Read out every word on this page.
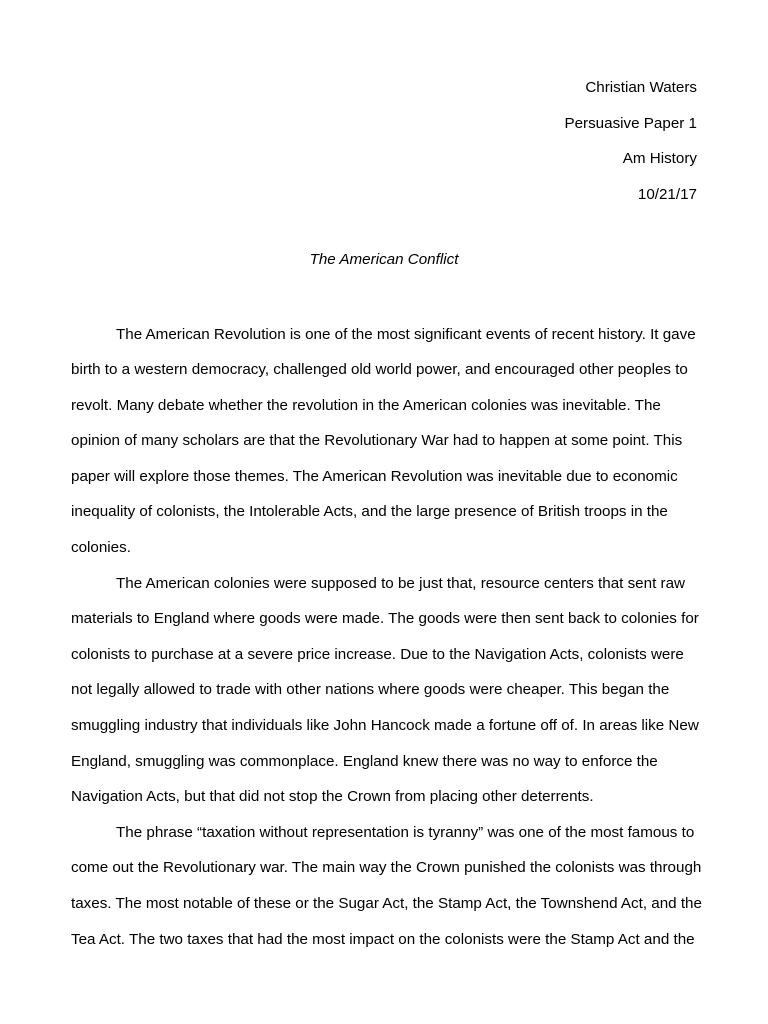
Christian Waters
Persuasive Paper 1
Am History
10/21/17
The American Conflict

The American Revolution is one of the most significant events of recent history. It gave
birth to a western democracy, challenged old world power, and encouraged other peoples to
revolt. Many debate whether the revolution in the American colonies was inevitable. The
opinion of many scholars are that the Revolutionary War had to happen at some point. This
paper will explore those themes. The American Revolution was inevitable due to economic
inequality of colonists, the Intolerable Acts, and the large presence of British troops in the
colonies.

The American colonies were supposed to be just that, resource centers that sent raw
materials to England where goods were made. The goods were then sent back to colonies for
colonists to purchase at a severe price increase. Due to the Navigation Acts, colonists were
not legally allowed to trade with other nations where goods were cheaper. This began the
smuggling industry that individuals like John Hancock made a fortune off of. In areas like New
England, smuggling was commonplace. England knew there was no way to enforce the
Navigation Acts, but that did not stop the Crown from placing other deterrents.

The phrase “taxation without representation is tyranny” was one of the most famous to
come out the Revolutionary war. The main way the Crown punished the colonists was through
taxes. The most notable of these or the Sugar Act, the Stamp Act, the Townshend Act, and the
Tea Act. The two taxes that had the most impact on the colonists were the Stamp Act and the
